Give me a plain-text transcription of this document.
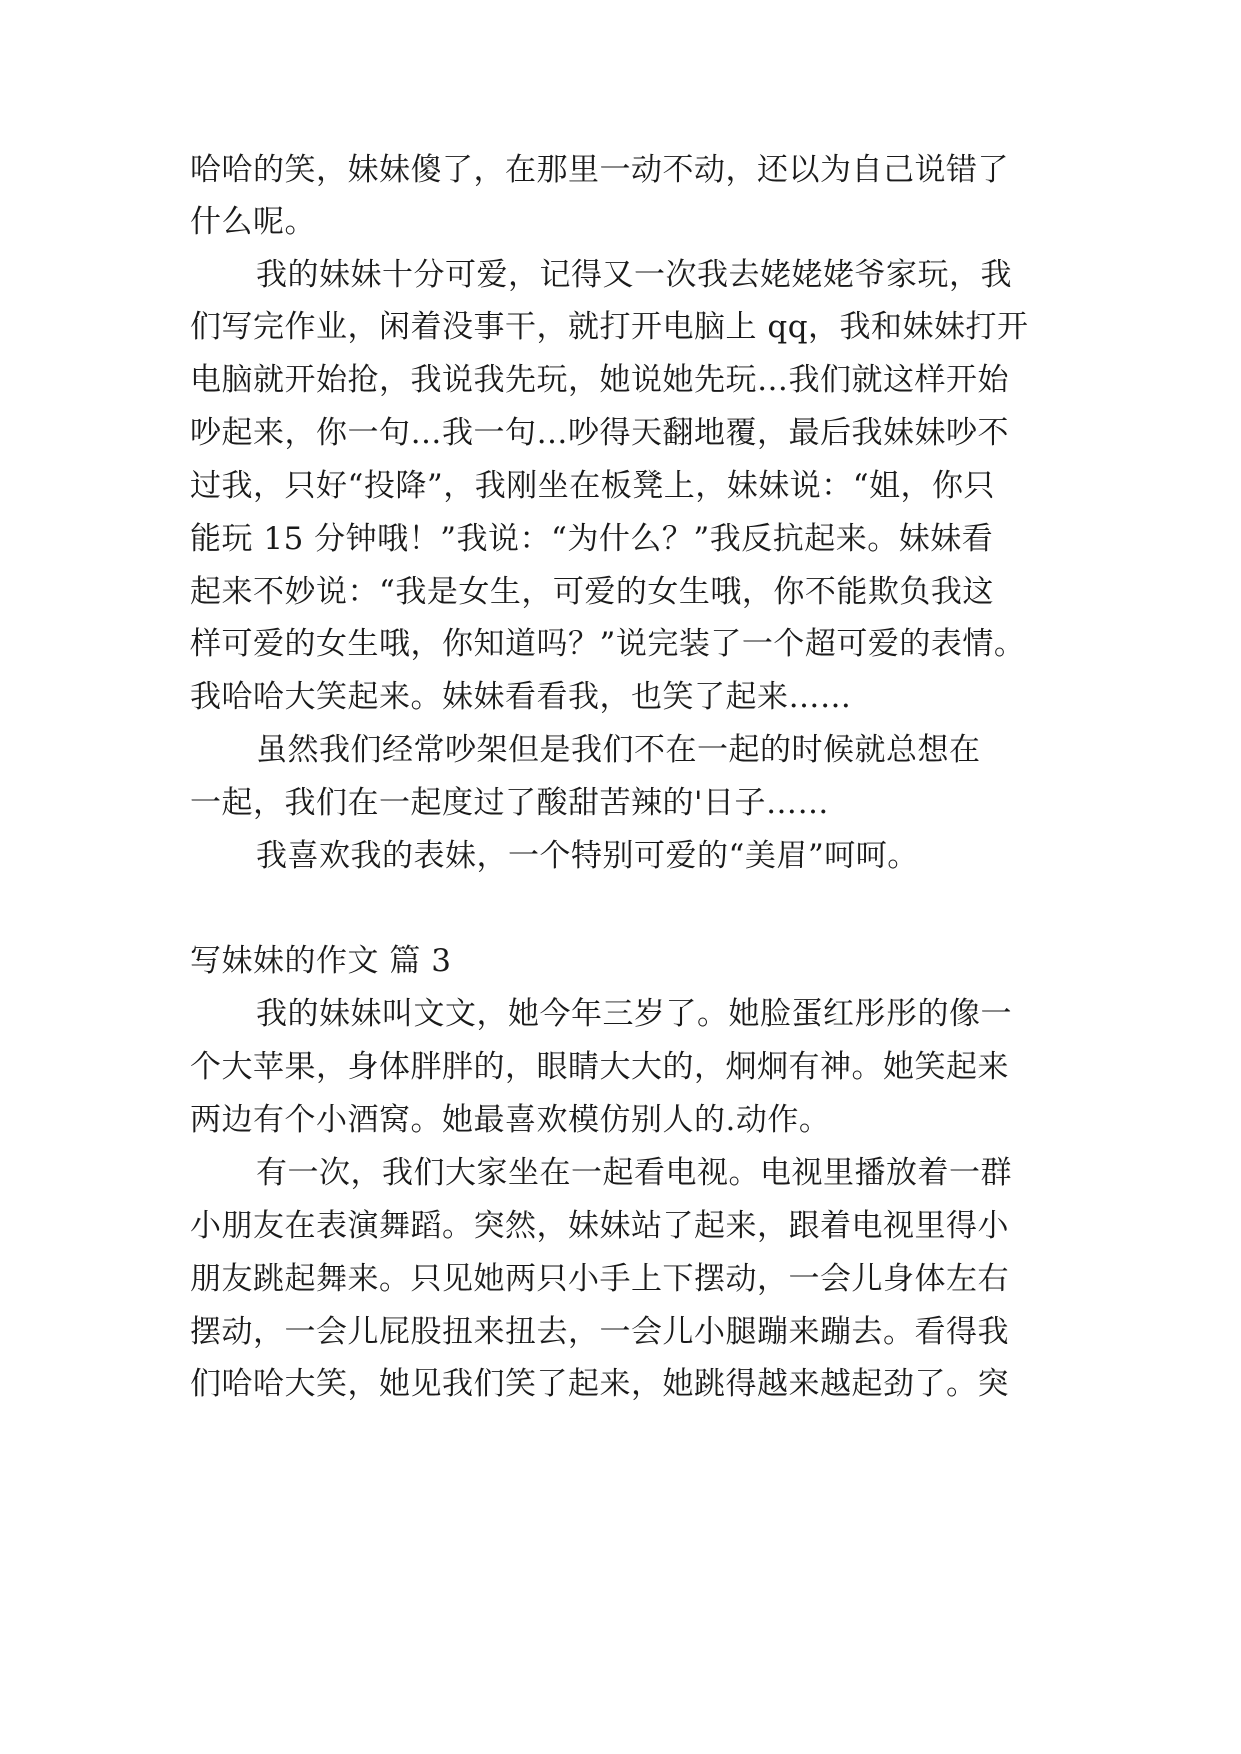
哈哈的笑，妹妹傻了，在那里一动不动，还以为自己说错了
什么呢。
我的妹妹十分可爱，记得又一次我去姥姥姥爷家玩，我
们写完作业，闲着没事干，就打开电脑上 qq，我和妹妹打开
电脑就开始抢，我说我先玩，她说她先玩…我们就这样开始
吵起来，你一句…我一句…吵得天翻地覆，最后我妹妹吵不
过我，只好“投降”，我刚坐在板凳上，妹妹说：“姐，你只
能玩 15 分钟哦！”我说：“为什么？”我反抗起来。妹妹看
起来不妙说：“我是女生，可爱的女生哦，你不能欺负我这
样可爱的女生哦，你知道吗？”说完装了一个超可爱的表情。
我哈哈大笑起来。妹妹看看我，也笑了起来……
虽然我们经常吵架但是我们不在一起的时候就总想在
一起，我们在一起度过了酸甜苦辣的'日子……
我喜欢我的表妹，一个特别可爱的“美眉”呵呵。
写妹妹的作文 篇 3
我的妹妹叫文文，她今年三岁了。她脸蛋红彤彤的像一
个大苹果，身体胖胖的，眼睛大大的，炯炯有神。她笑起来
两边有个小酒窝。她最喜欢模仿别人的.动作。
有一次，我们大家坐在一起看电视。电视里播放着一群
小朋友在表演舞蹈。突然，妹妹站了起来，跟着电视里得小
朋友跳起舞来。只见她两只小手上下摆动，一会儿身体左右
摆动，一会儿屁股扭来扭去，一会儿小腿蹦来蹦去。看得我
们哈哈大笑，她见我们笑了起来，她跳得越来越起劲了。突
